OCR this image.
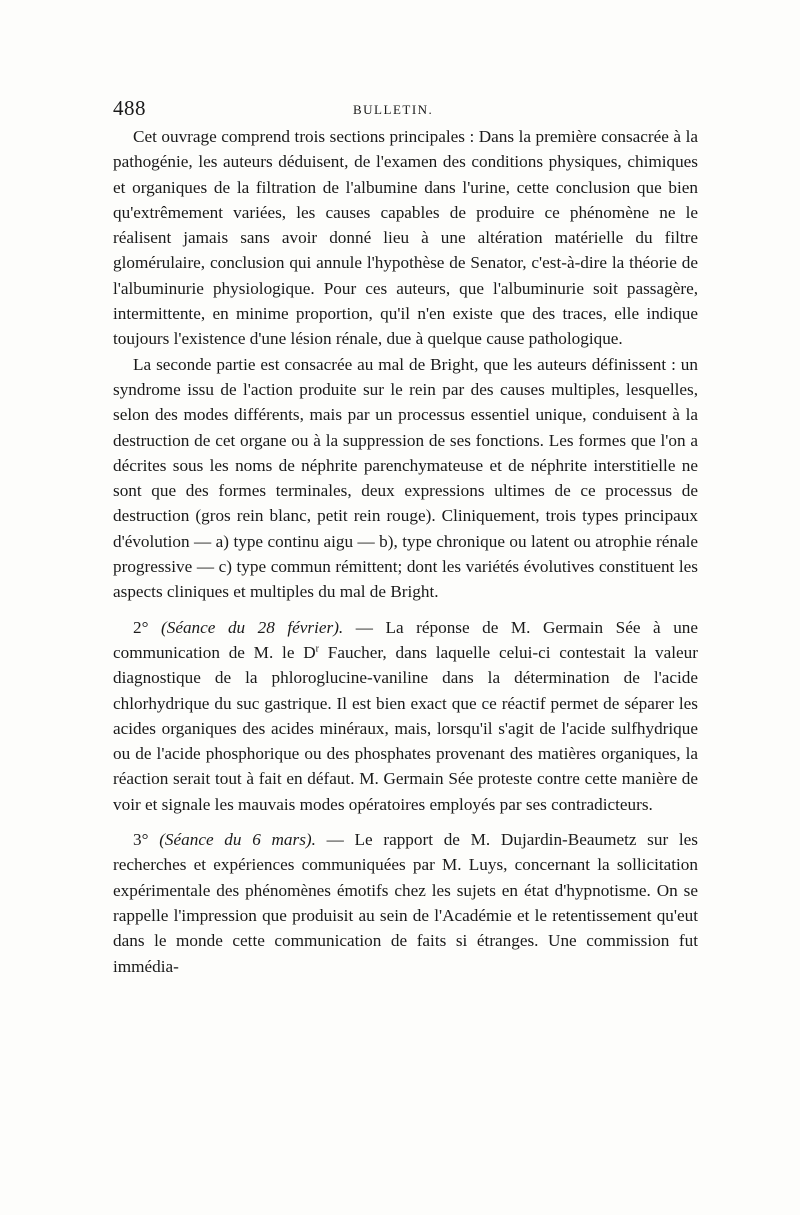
488	BULLETIN.

Cet ouvrage comprend trois sections principales : Dans la première consacrée à la pathogénie, les auteurs déduisent, de l'examen des conditions physiques, chimiques et organiques de la filtration de l'albumine dans l'urine, cette conclusion que bien qu'extrêmement variées, les causes capables de produire ce phénomène ne le réalisent jamais sans avoir donné lieu à une altération matérielle du filtre glomérulaire, conclusion qui annule l'hypothèse de Senator, c'est-à-dire la théorie de l'albuminurie physiologique. Pour ces auteurs, que l'albuminurie soit passagère, intermittente, en minime proportion, qu'il n'en existe que des traces, elle indique toujours l'existence d'une lésion rénale, due à quelque cause pathologique.

La seconde partie est consacrée au mal de Bright, que les auteurs définissent : un syndrome issu de l'action produite sur le rein par des causes multiples, lesquelles, selon des modes différents, mais par un processus essentiel unique, conduisent à la destruction de cet organe ou à la suppression de ses fonctions. Les formes que l'on a décrites sous les noms de néphrite parenchymateuse et de néphrite interstitielle ne sont que des formes terminales, deux expressions ultimes de ce processus de destruction (gros rein blanc, petit rein rouge). Cliniquement, trois types principaux d'évolution — a) type continu aigu — b), type chronique ou latent ou atrophie rénale progressive — c) type commun rémittent; dont les variétés évolutives constituent les aspects cliniques et multiples du mal de Bright.

2° (Séance du 28 février). — La réponse de M. Germain Sée à une communication de M. le $D^r$ Faucher, dans laquelle celui-ci contestait la valeur diagnostique de la phloroglucine-vaniline dans la détermination de l'acide chlorhydrique du suc gastrique. Il est bien exact que ce réactif permet de séparer les acides organiques des acides minéraux, mais, lorsqu'il s'agit de l'acide sulfhydrique ou de l'acide phosphorique ou des phosphates provenant des matières organiques, la réaction serait tout à fait en défaut. M. Germain Sée proteste contre cette manière de voir et signale les mauvais modes opératoires employés par ses contradicteurs.

3° (Séance du 6 mars). — Le rapport de M. Dujardin-Beaumetz sur les recherches et expériences communiquées par M. Luys, concernant la sollicitation expérimentale des phénomènes émotifs chez les sujets en état d'hypnotisme. On se rappelle l'impression que produisit au sein de l'Académie et le retentissement qu'eut dans le monde cette communication de faits si étranges. Une commission fut immédia-
